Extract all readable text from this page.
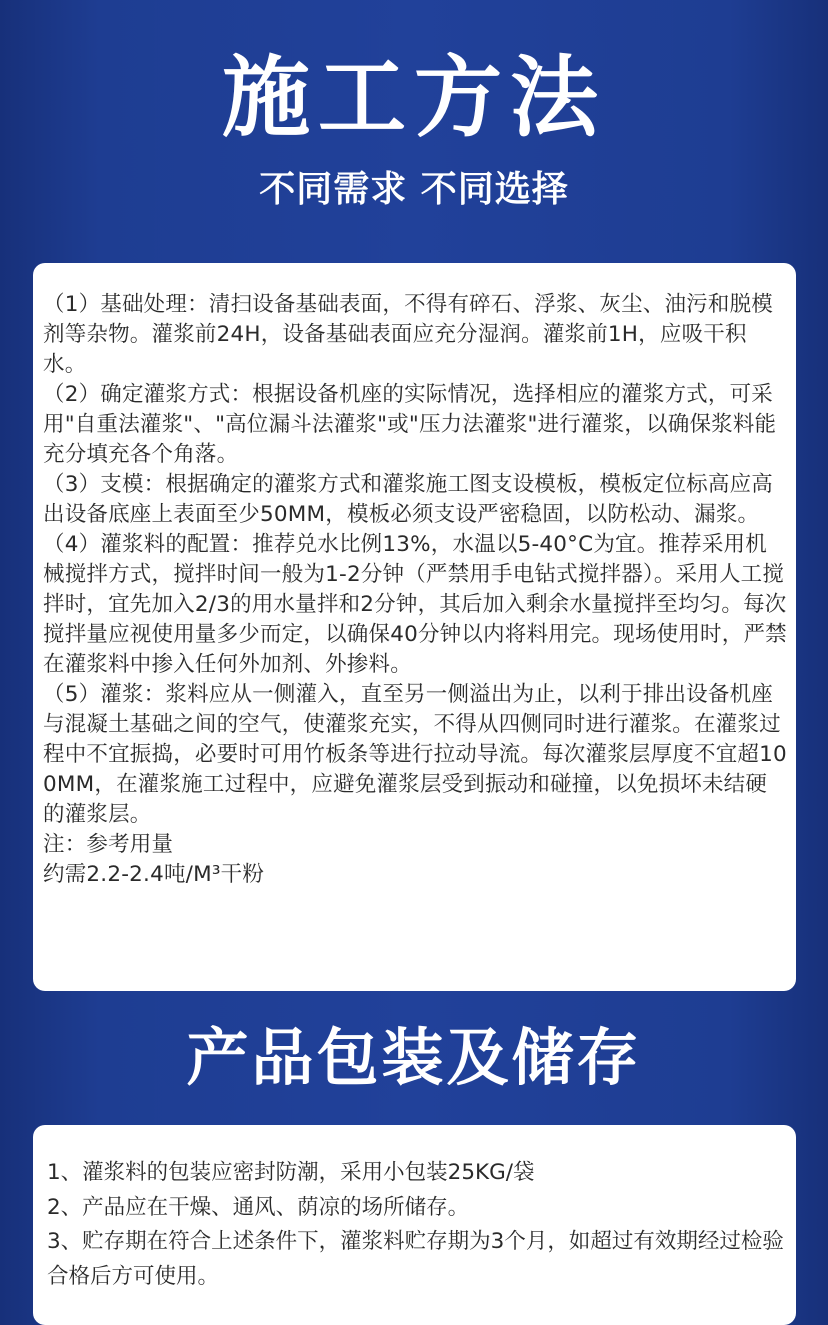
施工方法
不同需求 不同选择

（1）基础处理：清扫设备基础表面，不得有碎石、浮浆、灰尘、油污和脱模剂等杂物。灌浆前24H，设备基础表面应充分湿润。灌浆前1H，应吸干积水。

（2）确定灌浆方式：根据设备机座的实际情况，选择相应的灌浆方式，可采用"自重法灌浆"、"高位漏斗法灌浆"或"压力法灌浆"进行灌浆，以确保浆料能充分填充各个角落。

（3）支模：根据确定的灌浆方式和灌浆施工图支设模板，模板定位标高应高出设备底座上表面至少50MM，模板必须支设严密稳固，以防松动、漏浆。

（4）灌浆料的配置：推荐兑水比例13%，水温以5-40°C为宜。推荐采用机械搅拌方式，搅拌时间一般为1-2分钟（严禁用手电钻式搅拌器）。采用人工搅拌时，宜先加入2/3的用水量拌和2分钟，其后加入剩余水量搅拌至均匀。每次搅拌量应视使用量多少而定，以确保40分钟以内将料用完。现场使用时，严禁在灌浆料中掺入任何外加剂、外掺料。

（5）灌浆：浆料应从一侧灌入，直至另一侧溢出为止，以利于排出设备机座与混凝土基础之间的空气，使灌浆充实，不得从四侧同时进行灌浆。在灌浆过程中不宜振捣，必要时可用竹板条等进行拉动导流。每次灌浆层厚度不宜超100MM，在灌浆施工过程中，应避免灌浆层受到振动和碰撞，以免损坏未结硬的灌浆层。

注：参考用量

约需2.2-2.4吨/M³干粉

产品包装及储存

1、灌浆料的包装应密封防潮，采用小包装25KG/袋

2、产品应在干燥、通风、荫凉的场所储存。

3、贮存期在符合上述条件下，灌浆料贮存期为3个月，如超过有效期经过检验合格后方可使用。
